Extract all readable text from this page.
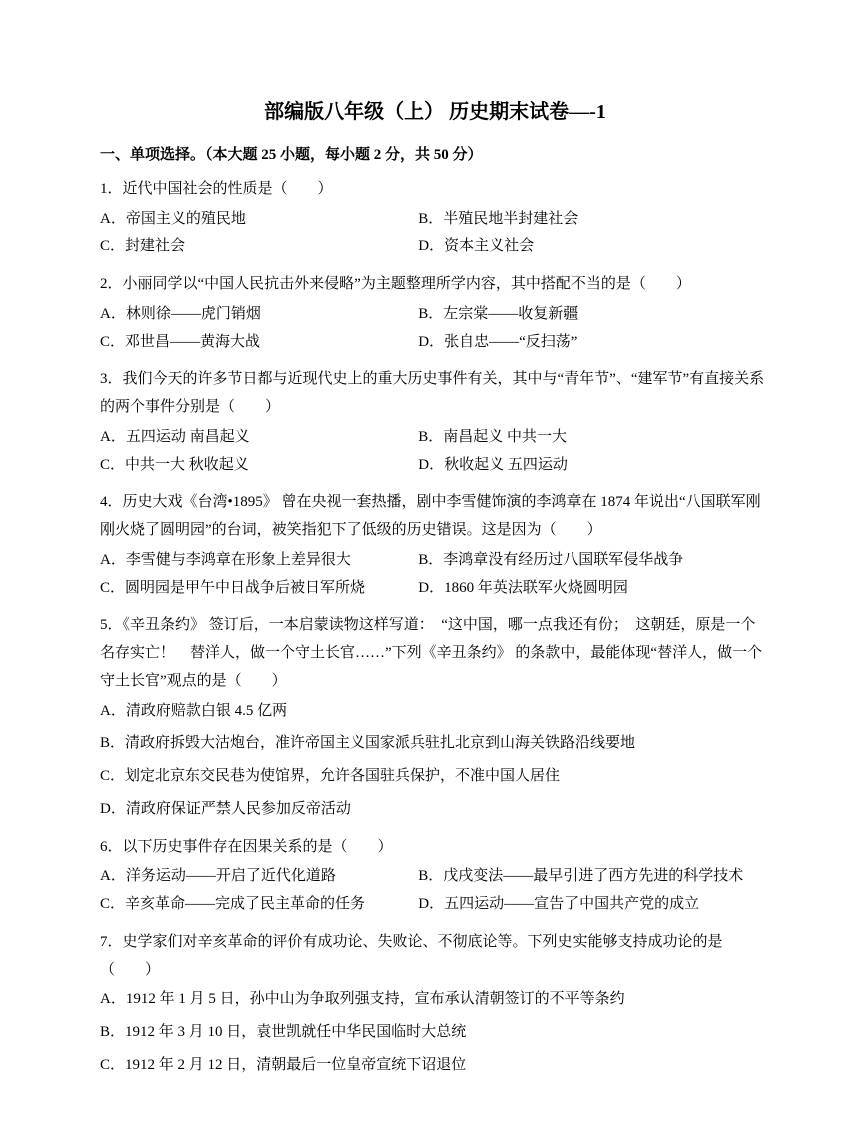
部编版八年级（上） 历史期末试卷—-1

一、单项选择。（本大题 25 小题，每小题 2 分，共 50 分）

1．近代中国社会的性质是（　　）

A．帝国主义的殖民地	B．半殖民地半封建社会
C．封建社会	D．资本主义社会

2．小丽同学以“中国人民抗击外来侵略”为主题整理所学内容，其中搭配不当的是（　　）

A．林则徐——虎门销烟	B．左宗棠——收复新疆
C．邓世昌——黄海大战	D．张自忠——“反扫荡”

3．我们今天的许多节日都与近现代史上的重大历史事件有关，其中与“青年节”、“建军节”有直接关系的两个事件分别是（　　）

A．五四运动 南昌起义	B．南昌起义 中共一大
C．中共一大 秋收起义	D．秋收起义 五四运动

4．历史大戏《台湾•1895》 曾在央视一套热播，剧中李雪健饰演的李鸿章在 1874 年说出“八国联军刚刚火烧了圆明园”的台词，被笑指犯下了低级的历史错误。这是因为（　　）

A．李雪健与李鸿章在形象上差异很大	B．李鸿章没有经历过八国联军侵华战争
C．圆明园是甲午中日战争后被日军所烧	D．1860 年英法联军火烧圆明园

5．《辛丑条约》 签订后，一本启蒙读物这样写道：　“这中国，哪一点我还有份；　这朝廷，原是一个名存实亡！　替洋人，做一个守土长官……”下列《辛丑条约》 的条款中，最能体现“替洋人，做一个守土长官”观点的是（　　）

A．清政府赔款白银 4.5 亿两
B．清政府拆毁大沽炮台，准许帝国主义国家派兵驻扎北京到山海关铁路沿线要地
C．划定北京东交民巷为使馆界，允许各国驻兵保护，不准中国人居住
D．清政府保证严禁人民参加反帝活动

6．以下历史事件存在因果关系的是（　　）

A．洋务运动——开启了近代化道路	B．戊戌变法——最早引进了西方先进的科学技术
C．辛亥革命——完成了民主革命的任务	D．五四运动——宣告了中国共产党的成立

7．史学家们对辛亥革命的评价有成功论、失败论、不彻底论等。下列史实能够支持成功论的是（　　）

A．1912 年 1 月 5 日，孙中山为争取列强支持，宣布承认清朝签订的不平等条约
B．1912 年 3 月 10 日，袁世凯就任中华民国临时大总统
C．1912 年 2 月 12 日，清朝最后一位皇帝宣统下诏退位
